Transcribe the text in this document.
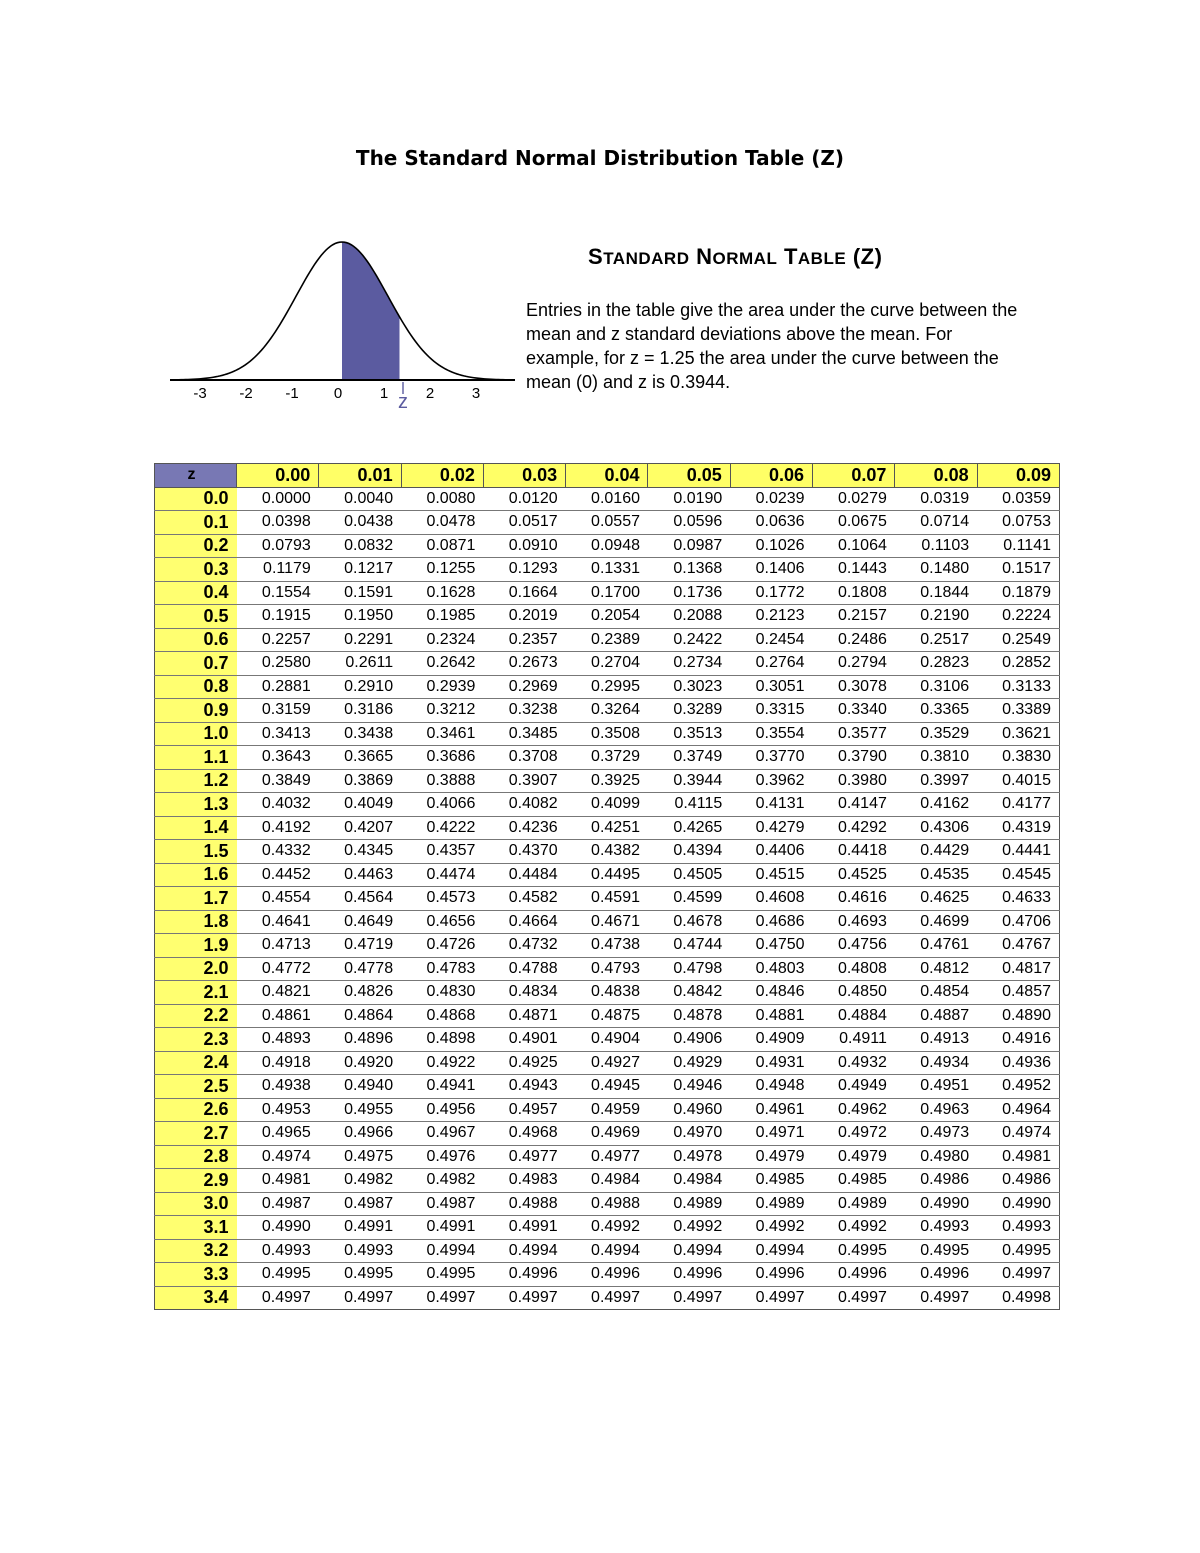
The Standard Normal Distribution Table (Z)
-3 -2 -1 0	1	2	3
z
STANDARD NORMAL TABLE (Z)
Entries in the table give the area under the curve between the mean and z standard deviations above the mean. For example, for z = 1.25 the area under the curve between the mean (0) and z is 0.3944.
z	0.00	0.01	0.02	0.03	0.04	0.05	0.06	0.07	0.08	0.09
0.0	0.0000	0.0040	0.0080	0.0120	0.0160	0.0190	0.0239	0.0279	0.0319	0.0359
0.1	0.0398	0.0438	0.0478	0.0517	0.0557	0.0596	0.0636	0.0675	0.0714	0.0753
0.2	0.0793	0.0832	0.0871	0.0910	0.0948	0.0987	0.1026	0.1064	0.1103	0.1141
0.3	0.1179	0.1217	0.1255	0.1293	0.1331	0.1368	0.1406	0.1443	0.1480	0.1517
0.4	0.1554	0.1591	0.1628	0.1664	0.1700	0.1736	0.1772	0.1808	0.1844	0.1879
0.5	0.1915	0.1950	0.1985	0.2019	0.2054	0.2088	0.2123	0.2157	0.2190	0.2224
0.6	0.2257	0.2291	0.2324	0.2357	0.2389	0.2422	0.2454	0.2486	0.2517	0.2549
0.7	0.2580	0.2611	0.2642	0.2673	0.2704	0.2734	0.2764	0.2794	0.2823	0.2852
0.8	0.2881	0.2910	0.2939	0.2969	0.2995	0.3023	0.3051	0.3078	0.3106	0.3133
0.9	0.3159	0.3186	0.3212	0.3238	0.3264	0.3289	0.3315	0.3340	0.3365	0.3389
1.0	0.3413	0.3438	0.3461	0.3485	0.3508	0.3513	0.3554	0.3577	0.3529	0.3621
1.1	0.3643	0.3665	0.3686	0.3708	0.3729	0.3749	0.3770	0.3790	0.3810	0.3830
1.2	0.3849	0.3869	0.3888	0.3907	0.3925	0.3944	0.3962	0.3980	0.3997	0.4015
1.3	0.4032	0.4049	0.4066	0.4082	0.4099	0.4115	0.4131	0.4147	0.4162	0.4177
1.4	0.4192	0.4207	0.4222	0.4236	0.4251	0.4265	0.4279	0.4292	0.4306	0.4319
1.5	0.4332	0.4345	0.4357	0.4370	0.4382	0.4394	0.4406	0.4418	0.4429	0.4441
1.6	0.4452	0.4463	0.4474	0.4484	0.4495	0.4505	0.4515	0.4525	0.4535	0.4545
1.7	0.4554	0.4564	0.4573	0.4582	0.4591	0.4599	0.4608	0.4616	0.4625	0.4633
1.8	0.4641	0.4649	0.4656	0.4664	0.4671	0.4678	0.4686	0.4693	0.4699	0.4706
1.9	0.4713	0.4719	0.4726	0.4732	0.4738	0.4744	0.4750	0.4756	0.4761	0.4767
2.0	0.4772	0.4778	0.4783	0.4788	0.4793	0.4798	0.4803	0.4808	0.4812	0.4817
2.1	0.4821	0.4826	0.4830	0.4834	0.4838	0.4842	0.4846	0.4850	0.4854	0.4857
2.2	0.4861	0.4864	0.4868	0.4871	0.4875	0.4878	0.4881	0.4884	0.4887	0.4890
2.3	0.4893	0.4896	0.4898	0.4901	0.4904	0.4906	0.4909	0.4911	0.4913	0.4916
2.4	0.4918	0.4920	0.4922	0.4925	0.4927	0.4929	0.4931	0.4932	0.4934	0.4936
2.5	0.4938	0.4940	0.4941	0.4943	0.4945	0.4946	0.4948	0.4949	0.4951	0.4952
2.6	0.4953	0.4955	0.4956	0.4957	0.4959	0.4960	0.4961	0.4962	0.4963	0.4964
2.7	0.4965	0.4966	0.4967	0.4968	0.4969	0.4970	0.4971	0.4972	0.4973	0.4974
2.8	0.4974	0.4975	0.4976	0.4977	0.4977	0.4978	0.4979	0.4979	0.4980	0.4981
2.9	0.4981	0.4982	0.4982	0.4983	0.4984	0.4984	0.4985	0.4985	0.4986	0.4986
3.0	0.4987	0.4987	0.4987	0.4988	0.4988	0.4989	0.4989	0.4989	0.4990	0.4990
3.1	0.4990	0.4991	0.4991	0.4991	0.4992	0.4992	0.4992	0.4992	0.4993	0.4993
3.2	0.4993	0.4993	0.4994	0.4994	0.4994	0.4994	0.4994	0.4995	0.4995	0.4995
3.3	0.4995	0.4995	0.4995	0.4996	0.4996	0.4996	0.4996	0.4996	0.4996	0.4997
3.4	0.4997	0.4997	0.4997	0.4997	0.4997	0.4997	0.4997	0.4997	0.4997	0.4998
